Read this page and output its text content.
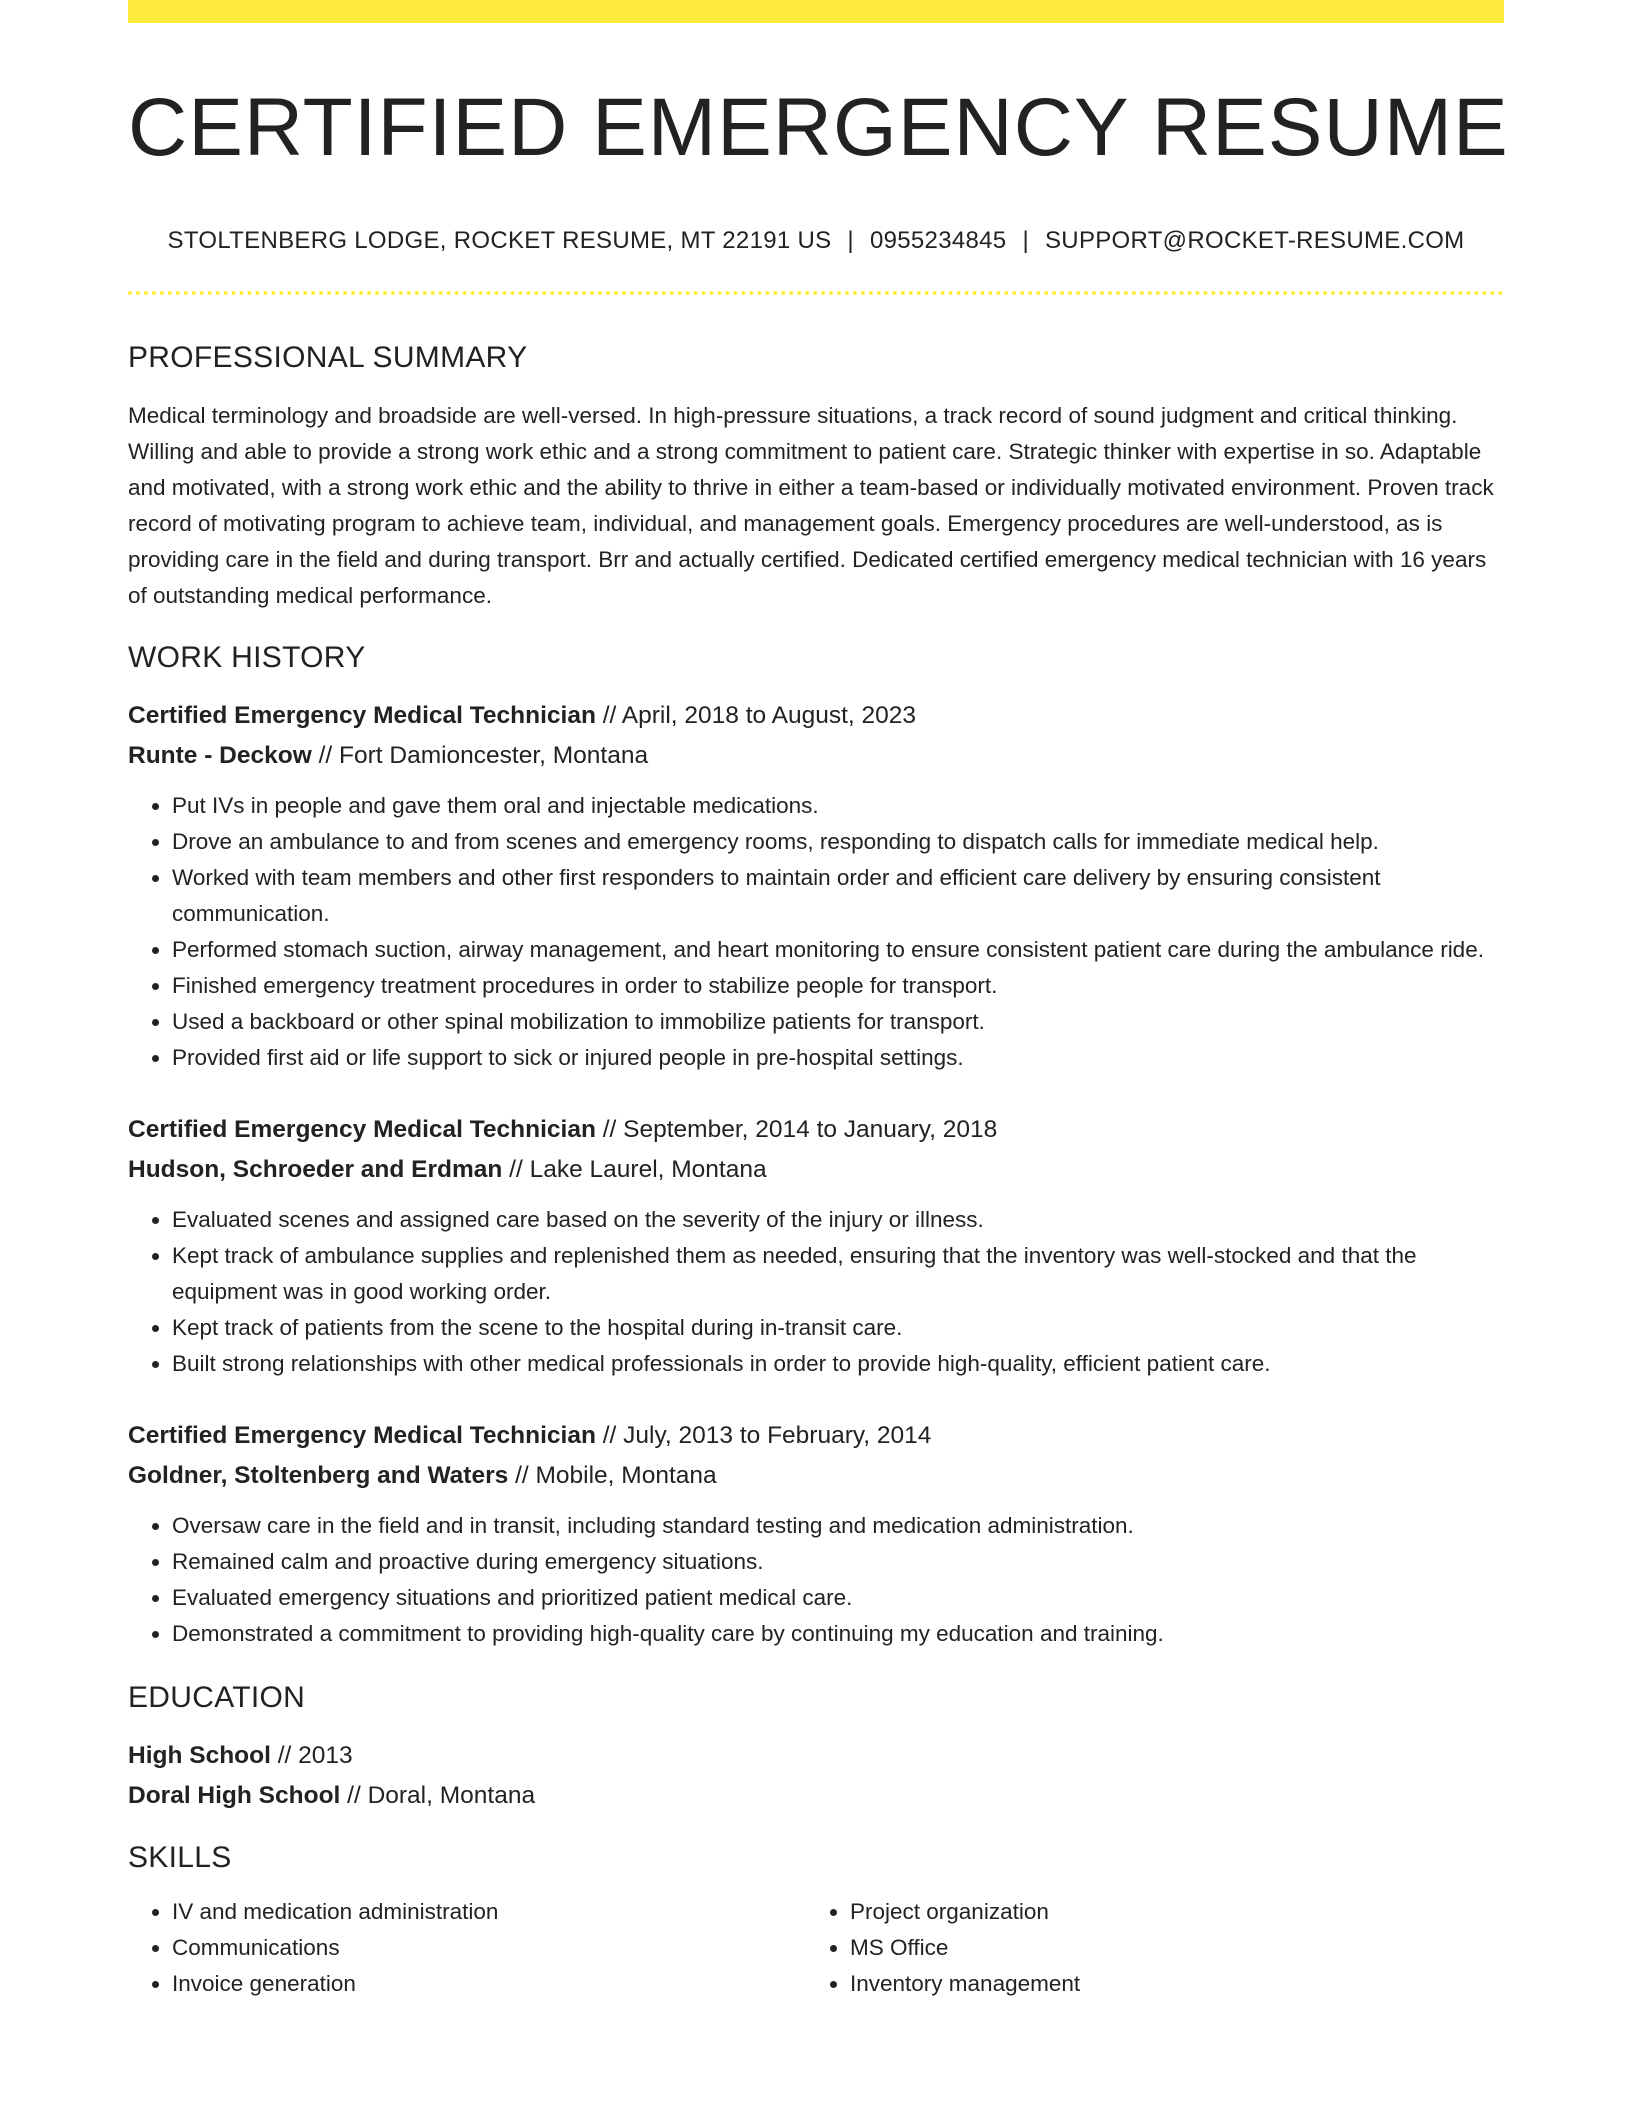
CERTIFIED EMERGENCY RESUME
STOLTENBERG LODGE, ROCKET RESUME, MT 22191 US | 0955234845 | SUPPORT@ROCKET-RESUME.COM
PROFESSIONAL SUMMARY

Medical terminology and broadside are well-versed. In high-pressure situations, a track record of sound judgment and critical thinking. Willing and able to provide a strong work ethic and a strong commitment to patient care. Strategic thinker with expertise in so. Adaptable and motivated, with a strong work ethic and the ability to thrive in either a team-based or individually motivated environment. Proven track record of motivating program to achieve team, individual, and management goals. Emergency procedures are well-understood, as is providing care in the field and during transport. Brr and actually certified. Dedicated certified emergency medical technician with 16 years of outstanding medical performance.

WORK HISTORY
Certified Emergency Medical Technician // April, 2018 to August, 2023
Runte - Deckow // Fort Damioncester, Montana
• Put IVs in people and gave them oral and injectable medications.
• Drove an ambulance to and from scenes and emergency rooms, responding to dispatch calls for immediate medical help.
• Worked with team members and other first responders to maintain order and efficient care delivery by ensuring consistent communication.
• Performed stomach suction, airway management, and heart monitoring to ensure consistent patient care during the ambulance ride.
• Finished emergency treatment procedures in order to stabilize people for transport.
• Used a backboard or other spinal mobilization to immobilize patients for transport.
• Provided first aid or life support to sick or injured people in pre-hospital settings.
Certified Emergency Medical Technician // September, 2014 to January, 2018
Hudson, Schroeder and Erdman // Lake Laurel, Montana
• Evaluated scenes and assigned care based on the severity of the injury or illness.
• Kept track of ambulance supplies and replenished them as needed, ensuring that the inventory was well-stocked and that the equipment was in good working order.
• Kept track of patients from the scene to the hospital during in-transit care.
• Built strong relationships with other medical professionals in order to provide high-quality, efficient patient care.
Certified Emergency Medical Technician // July, 2013 to February, 2014
Goldner, Stoltenberg and Waters // Mobile, Montana
• Oversaw care in the field and in transit, including standard testing and medication administration.
• Remained calm and proactive during emergency situations.
• Evaluated emergency situations and prioritized patient medical care.
• Demonstrated a commitment to providing high-quality care by continuing my education and training.
EDUCATION
High School // 2013
Doral High School // Doral, Montana
SKILLS
• IV and medication administration
• Communications
• Invoice generation
• Project organization
• MS Office
• Inventory management
